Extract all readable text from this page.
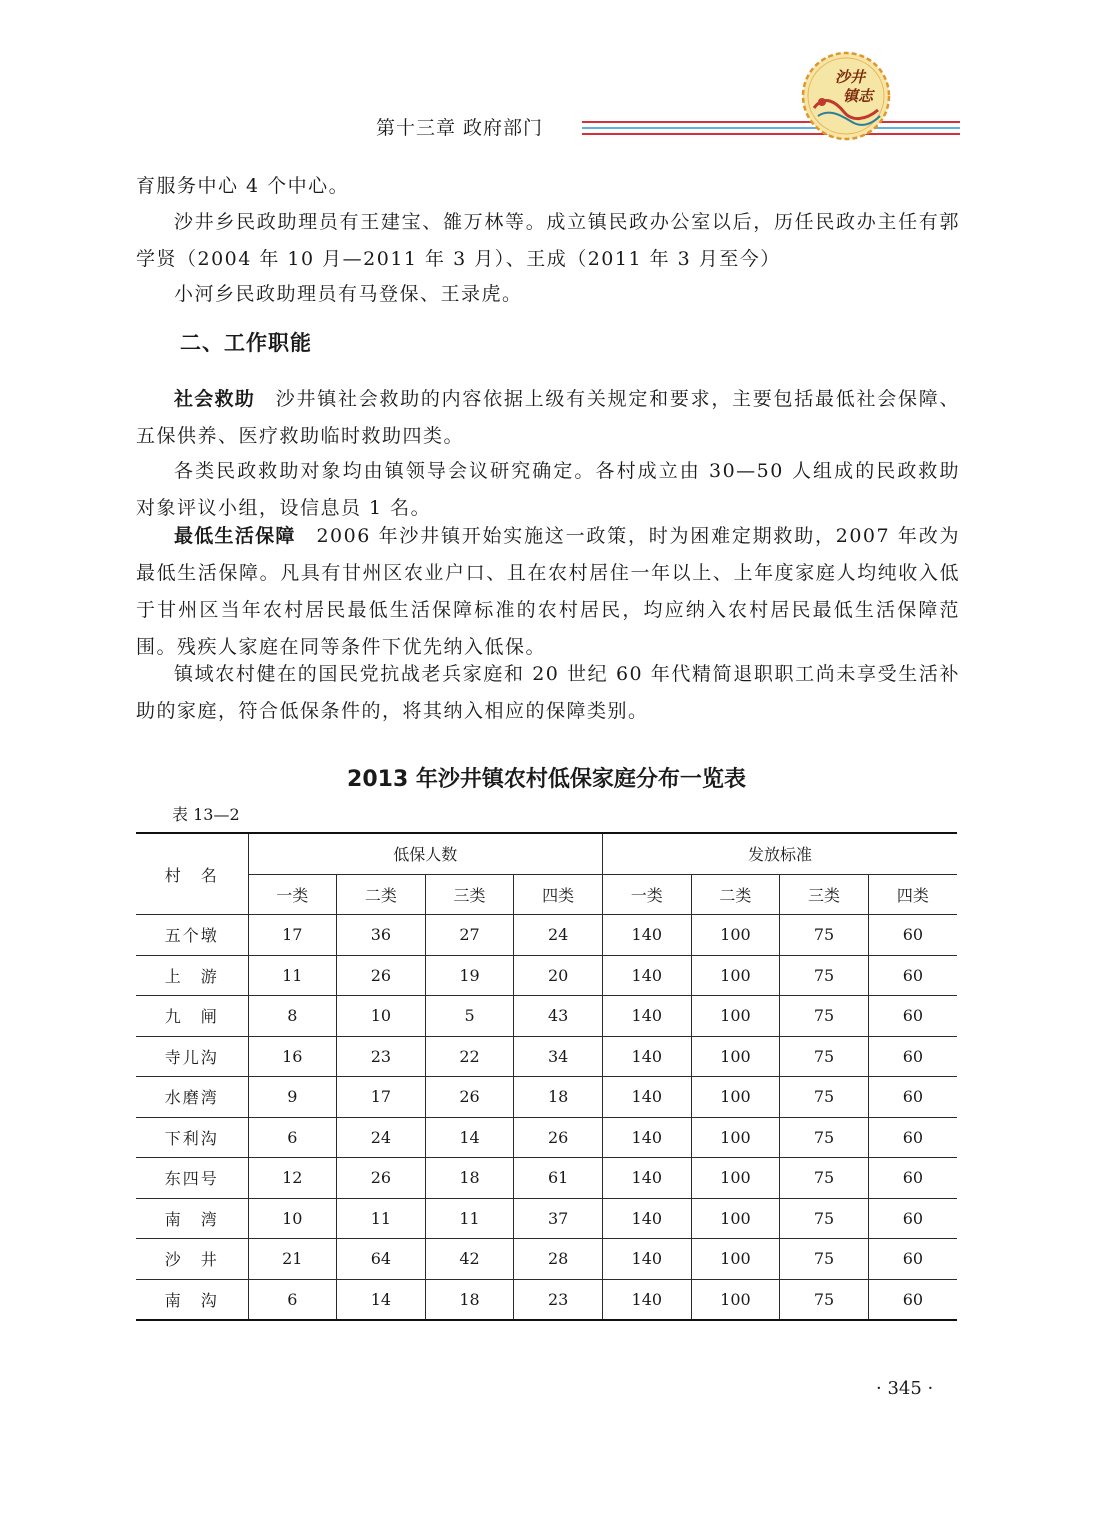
第十三章 政府部门
沙井
镇志

育服务中心 4 个中心。

沙井乡民政助理员有王建宝、雒万林等。成立镇民政办公室以后，历任民政办主任有郭学贤（2004 年 10 月—2011 年 3 月）、王成（2011 年 3 月至今）

小河乡民政助理员有马登保、王录虎。

二、工作职能

社会救助　沙井镇社会救助的内容依据上级有关规定和要求，主要包括最低社会保障、五保供养、医疗救助临时救助四类。

各类民政救助对象均由镇领导会议研究确定。各村成立由 30—50 人组成的民政救助对象评议小组，设信息员 1 名。

最低生活保障　2006 年沙井镇开始实施这一政策，时为困难定期救助，2007 年改为最低生活保障。凡具有甘州区农业户口、且在农村居住一年以上、上年度家庭人均纯收入低于甘州区当年农村居民最低生活保障标准的农村居民，均应纳入农村居民最低生活保障范围。残疾人家庭在同等条件下优先纳入低保。

镇域农村健在的国民党抗战老兵家庭和 20 世纪 60 年代精简退职职工尚未享受生活补助的家庭，符合低保条件的，将其纳入相应的保障类别。

2013 年沙井镇农村低保家庭分布一览表
表 13—2
村　名	低保人数				发放标准			
	一类	二类	三类	四类	一类	二类	三类	四类
五个墩	17	36	27	24	140	100	75	60
上　游	11	26	19	20	140	100	75	60
九　闸	8	10	5	43	140	100	75	60
寺儿沟	16	23	22	34	140	100	75	60
水磨湾	9	17	26	18	140	100	75	60
下利沟	6	24	14	26	140	100	75	60
东四号	12	26	18	61	140	100	75	60
南　湾	10	11	11	37	140	100	75	60
沙　井	21	64	42	28	140	100	75	60
南　沟	6	14	18	23	140	100	75	60
· 345 ·
